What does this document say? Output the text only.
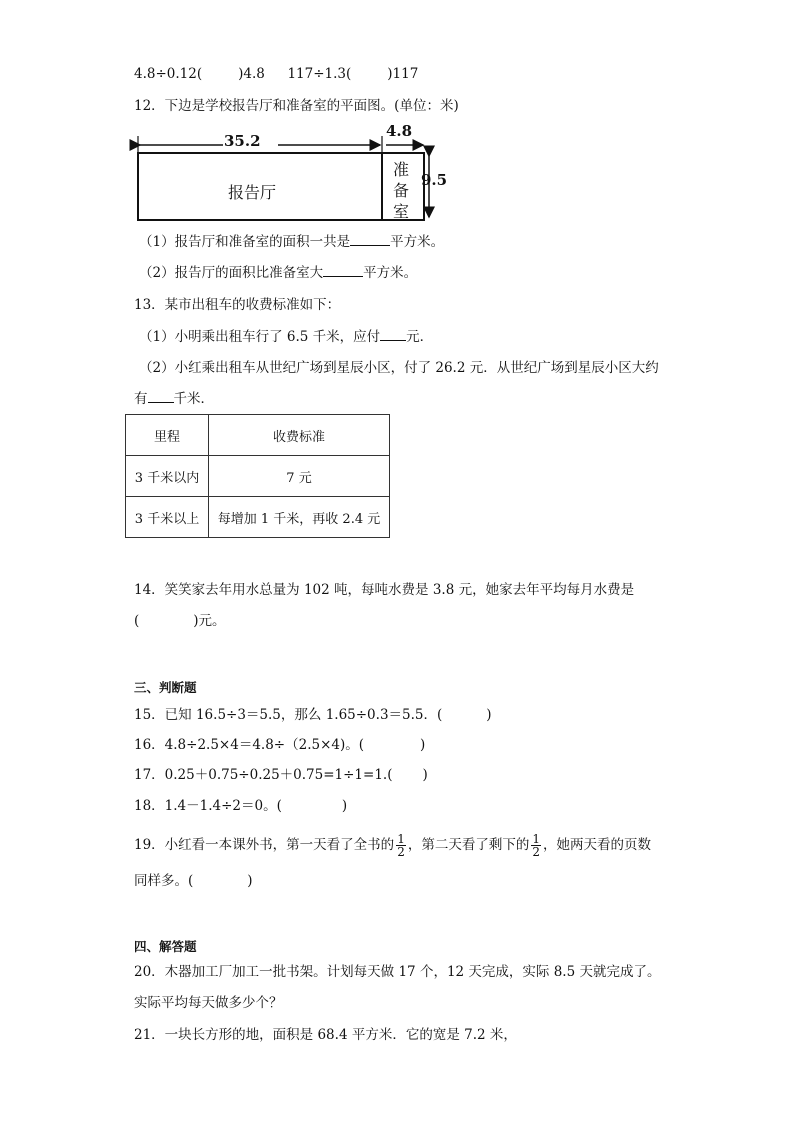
4.8÷0.12(	)4.8 117÷1.3(	)117
12．下边是学校报告厅和准备室的平面图。(单位：米)
35.2
4.8
9.5
报告厅
准
备
室
（1）报告厅和准备室的面积一共是	平方米。
（2）报告厅的面积比准备室大	平方米。
13．某市出租车的收费标准如下：
（1）小明乘出租车行了 6.5 千米，应付 元．
（2）小红乘出租车从世纪广场到星辰小区，付了 26.2 元．从世纪广场到星辰小区大约
有 千米．
里程	收费标准
3 千米以内	7 元
3 千米以上	每增加 1 千米，再收 2.4 元
14．笑笑家去年用水总量为 102 吨，每吨水费是 3.8 元，她家去年平均每月水费是
(	)元。
三、判断题
15．已知 16.5÷3＝5.5，那么 1.65÷0.3＝5.5．(	)
16．4.8÷2.5×4＝4.8÷（2.5×4)。(	)
17．0.25＋0.75÷0.25＋0.75=1÷1=1.( )
18．1.4－1.4÷2＝0。(	)
19．小红看一本课外书，第一天看了全书的 $\frac{1}{2}$ ，第二天看了剩下的 $\frac{1}{2}$ ，她两天看的页数
同样多。(	)
四、解答题
20．木器加工厂加工一批书架。计划每天做 17 个，12 天完成，实际 8.5 天就完成了。
实际平均每天做多少个？
21．一块长方形的地，面积是 68.4 平方米．它的宽是 7.2 米，
